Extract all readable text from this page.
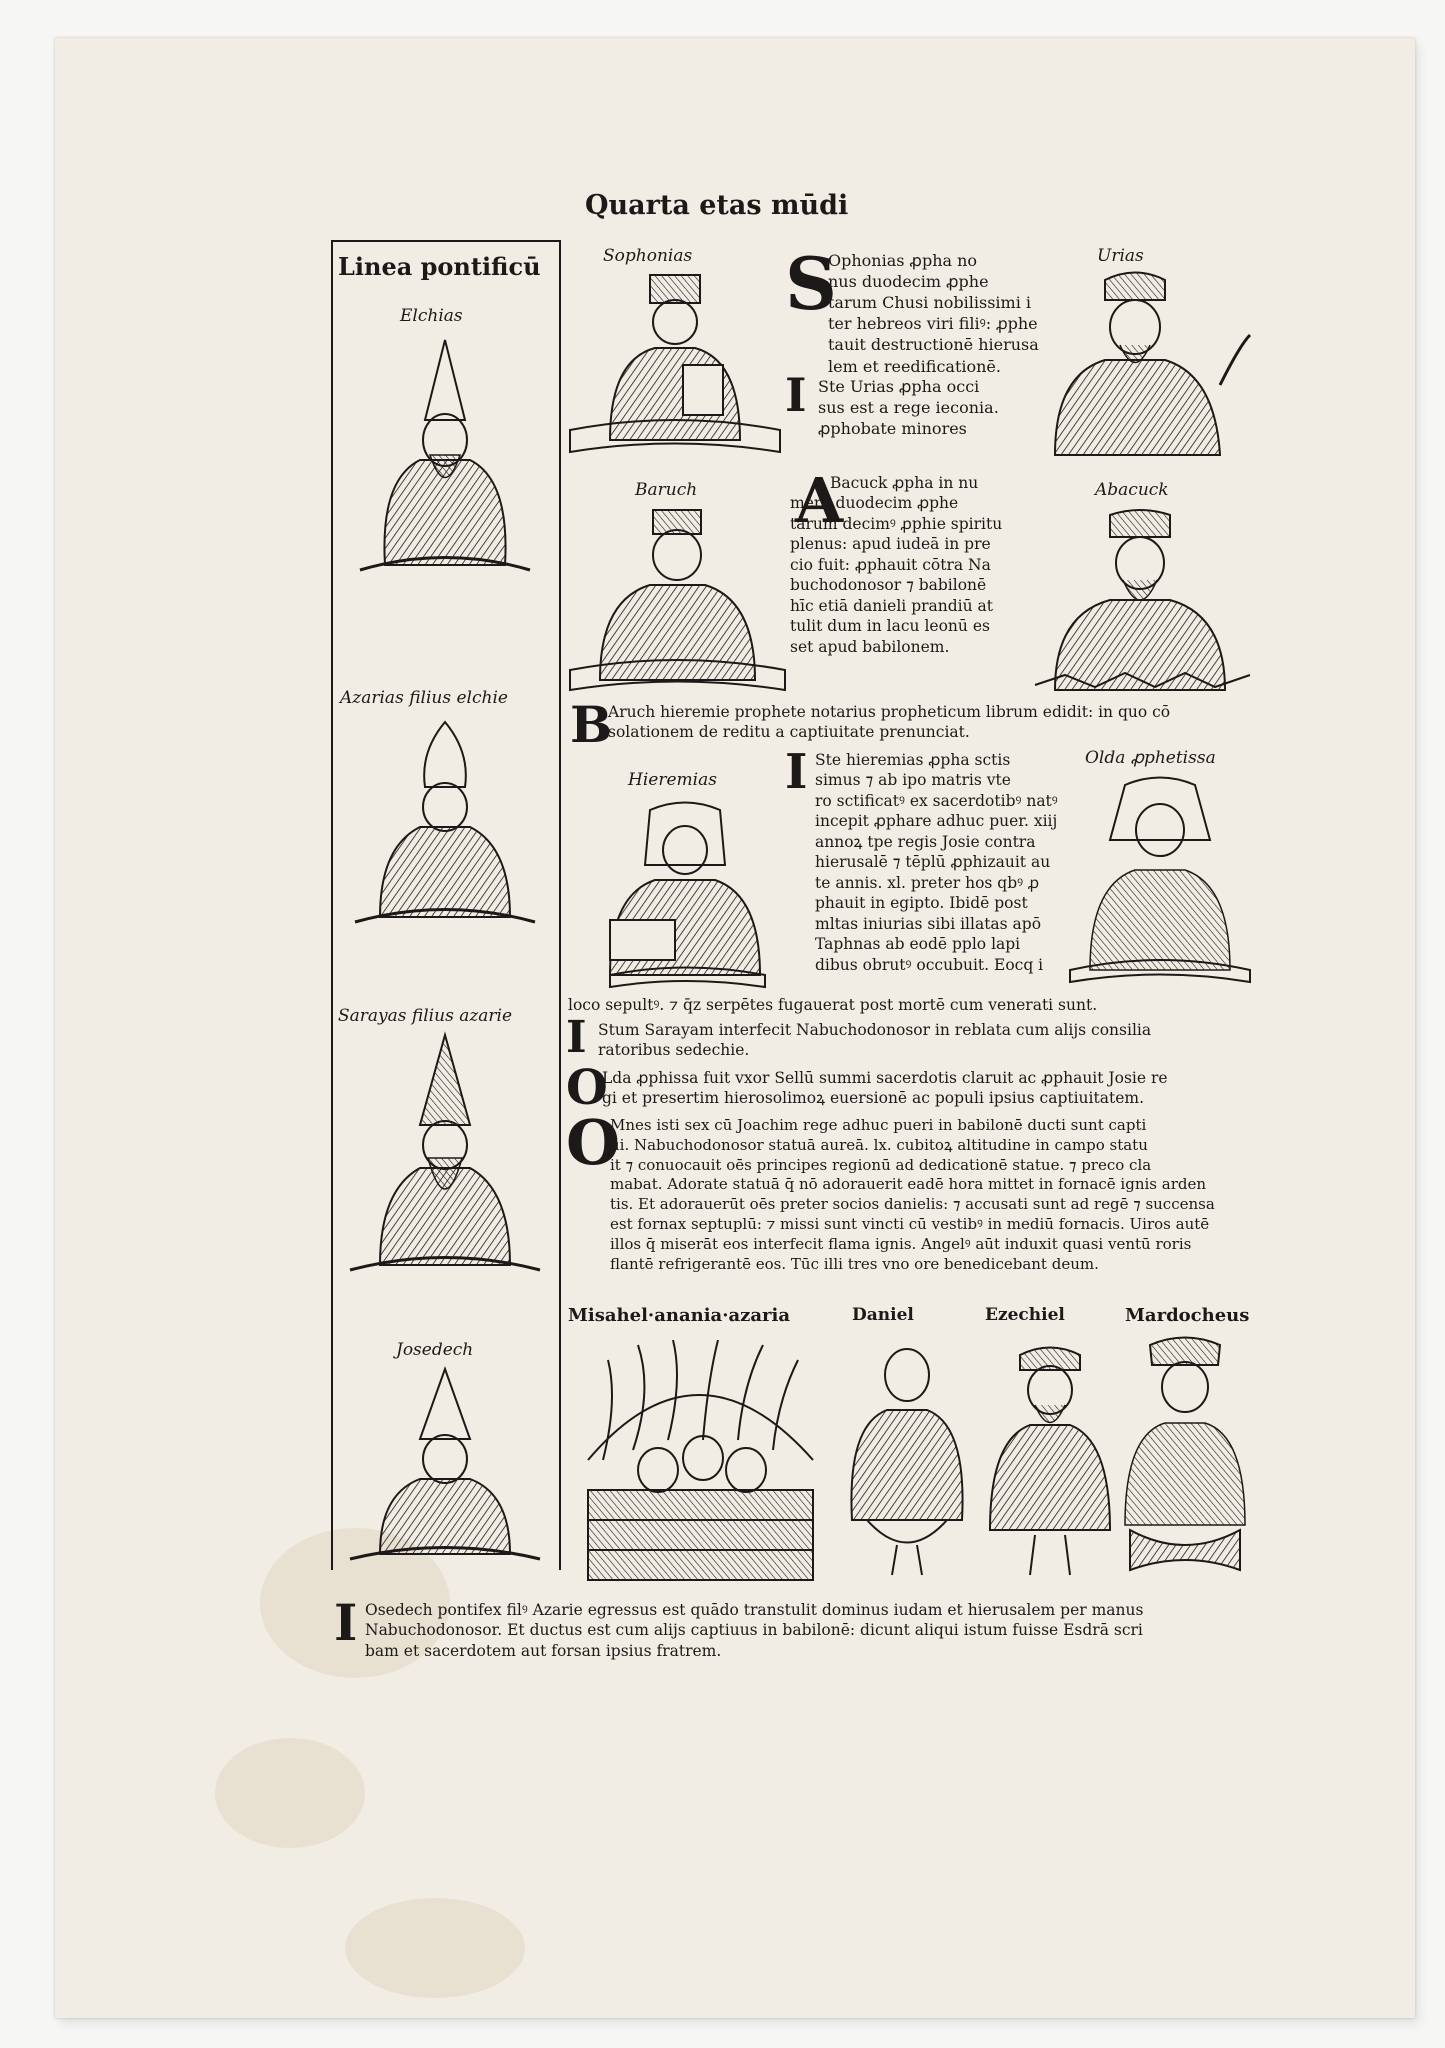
Quarta etas mūdi
Linea pontificū
Elchias
Azarias filius elchie
Sarayas filius azarie
Josedech
Sophonias	Urias
S
Ophonias ꝓpha no
nus duodecim ꝓphe
tarum Chusi nobilissimi i
ter hebreos viri filiꝰ: ꝓphe
tauit destructionē hierusa
lem et reedificationē.
I Ste Urias ꝓpha occi
sus est a rege ieconia.
ꝓphobate minores
Baruch	Abacuck
A
Bacuck ꝓpha in nu
mero duodecim ꝓphe
tarum decimꝰ ꝓphie spiritu
plenus: apud iudeā in pre
cio fuit: ꝓphauit cōtra Na
buchodonosor ⁊ babilonē
hīc etiā danieli prandiū at
tulit dum in lacu leonū es
set apud babilonem.
B
Aruch hieremie prophete notarius propheticum librum edidit: in quo cō
solationem de reditu a captiuitate prenunciat.
Hieremias I Ste hieremias ꝓpha sctis
simus ⁊ ab ipo matris vte
ro sctificatꝰ ex sacerdotibꝰ natꝰ
incepit ꝓphare adhuc puer. xiij
annoꝝ tpe regis Josie contra
hierusalē ⁊ tēplū ꝓphizauit au
te annis. xl. preter hos qbꝰ ꝓ
phauit in egipto. Ibidē post
mltas iniurias sibi illatas apō
Taphnas ab eodē pplo lapi
dibus obrutꝰ occubuit. Eocq i
loco sepultꝰ. ⁊ q̄z serpētes fugauerat post mortē cum venerati sunt.
Olda ꝓphetissa
I Stum Sarayam interfecit Nabuchodonosor in reblata cum alijs consilia
ratoribus sedechie.
O
Lda ꝓphissa fuit vxor Sellū summi sacerdotis claruit ac ꝓphauit Josie re
gi et presertim hierosolimoꝝ euersionē ac populi ipsius captiuitatem.
O
Mnes isti sex cū Joachim rege adhuc pueri in babilonē ducti sunt capti
ui. Nabuchodonosor statuā aureā. lx. cubitoꝝ altitudine in campo statu
it ⁊ conuocauit oēs principes regionū ad dedicationē statue. ⁊ preco cla
mabat. Adorate statuā q̄ nō adorauerit eadē hora mittet in fornacē ignis arden
tis. Et adorauerūt oēs preter socios danielis: ⁊ accusati sunt ad regē ⁊ succensa
est fornax septuplū: ⁊ missi sunt vincti cū vestibꝰ in mediū fornacis. Uiros autē
illos q̄ miserāt eos interfecit flama ignis. Angelꝰ aūt induxit quasi ventū roris
flantē refrigerantē eos. Tūc illi tres vno ore benedicebant deum.
Misahel·anania·azaria	Daniel	Ezechiel	Mardocheus
I Osedech pontifex filꝰ Azarie egressus est quādo transtulit dominus iudam et hierusalem per manus
Nabuchodonosor. Et ductus est cum alijs captiuus in babilonē: dicunt aliqui istum fuisse Esdrā scri
bam et sacerdotem aut forsan ipsius fratrem.
